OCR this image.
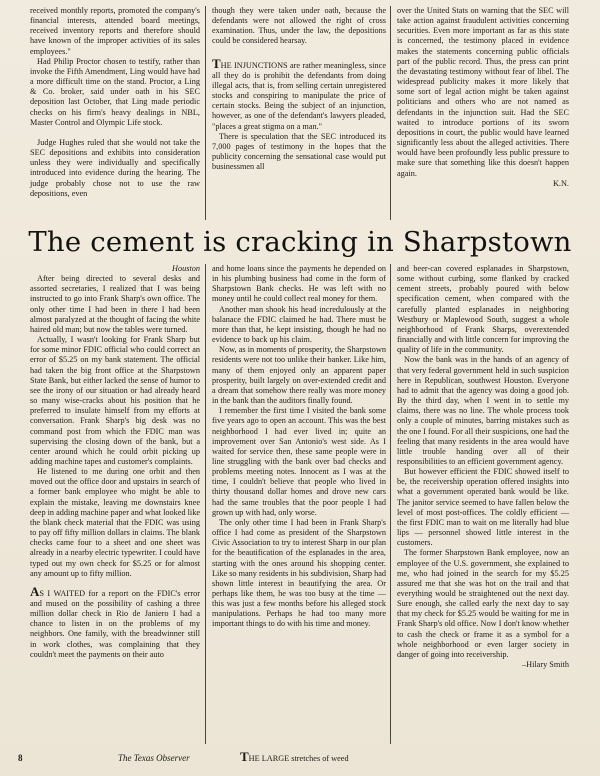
received monthly reports, promoted the company's financial interests, attended board meetings, received inventory reports and therefore should have known of the improper activities of its sales employees."

Had Philip Proctor chosen to testify, rather than invoke the Fifth Amendment, Ling would have had a more difficult time on the stand. Proctor, a Ling & Co. broker, said under oath in his SEC deposition last October, that Ling made periodic checks on his firm's heavy dealings in NBL, Master Control and Olympic Life stock.

Judge Hughes ruled that she would not take the SEC depositions and exhibits into consideration unless they were individually and specifically introduced into evidence during the hearing. The judge probably chose not to use the raw depositions, even

though they were taken under oath, because the defendants were not allowed the right of cross examination. Thus, under the law, the depositions could be considered hearsay.

THE INJUNCTIONS are rather meaningless, since all they do is prohibit the defendants from doing illegal acts, that is, from selling certain unregistered stocks and conspiring to manipulate the price of certain stocks. Being the subject of an injunction, however, as one of the defendant's lawyers pleaded, "places a great stigma on a man."

There is speculation that the SEC introduced its 7,000 pages of testimony in the hopes that the publicity concerning the sensational case would put businessmen all

over the United Stats on warning that the SEC will take action against fraudulent activities concerning securities. Even more important as far as this state is concerned, the testimony placed in evidence makes the statements concerning public officials part of the public record. Thus, the press can print the devastating testimony without fear of libel. The widespread publicity makes it more likely that some sort of legal action might be taken against politicians and others who are not named as defendants in the injunction suit. Had the SEC waited to introduce portions of its sworn depositions in court, the public would have learned significantly less about the alleged activities. There would have been profoundly less public pressure to make sure that something like this doesn't happen again.

K.N.
The cement is cracking in Sharpstown
Houston

After being directed to several desks and assorted secretaries, I realized that I was being instructed to go into Frank Sharp's own office. The only other time I had been in there I had been almost paralyzed at the thought of facing the white haired old man; but now the tables were turned.

Actually, I wasn't looking for Frank Sharp but for some minor FDIC official who could correct an error of $5.25 on my bank statement. The official had taken the big front office at the Sharpstown State Bank, but either lacked the sense of humor to see the irony of our situation or had already heard so many wise-cracks about his position that he preferred to insulate himself from my efforts at conversation. Frank Sharp's big desk was no command post from which the FDIC man was supervising the closing down of the bank, but a center around which he could orbit picking up adding machine tapes and customer's complaints.

He listened to me during one orbit and then moved out the office door and upstairs in search of a former bank employee who might be able to explain the mistake, leaving me downstairs knee deep in adding machine paper and what looked like the blank check material that the FDIC was using to pay off fifty million dollars in claims. The blank checks came four to a sheet and one sheet was already in a nearby electric typewriter. I could have typed out my own check for $5.25 or for almost any amount up to fifty million.

AS I WAITED for a report on the FDIC's error and mused on the possibility of cashing a three million dollar check in Rio de Janiero I had a chance to listen in on the problems of my neighbors. One family, with the breadwinner still in work clothes, was complaining that they couldn't meet the payments on their auto

and home loans since the payments he depended on in his plumbing business had come in the form of Sharpstown Bank checks. He was left with no money until he could collect real money for them.

Another man shook his head incredulously at the balanace the FDIC claimed he had. There must be more than that, he kept insisting, though he had no evidence to back up his claim.

Now, as in moments of prosperity, the Sharpstown residents were not too unlike their banker. Like him, many of them enjoyed only an apparent paper prosperity, built largely on over-extended credit and a dream that somehow there really was more money in the bank than the auditors finally found.

I remember the first time I visited the bank some five years ago to open an account. This was the best neighborhood I had ever lived in; quite an improvement over San Antonio's west side. As I waited for service then, these same people were in line struggling with the bank over bad checks and problems meeting notes. Innocent as I was at the time, I couldn't believe that people who lived in thirty thousand dollar homes and drove new cars had the same troubles that the poor people I had grown up with had, only worse.

The only other time I had been in Frank Sharp's office I had come as president of the Sharpstown Civic Association to try to interest Sharp in our plan for the beautification of the esplanades in the area, starting with the ones around his shopping center. Like so many residents in his subdivision, Sharp had shown little interest in beautifying the area. Or perhaps like them, he was too busy at the time — this was just a few months before his alleged stock manipulations. Perhaps he had too many more important things to do with his time and money.

THE LARGE stretches of weed

and beer-can covered esplanades in Sharpstown, some without curbing, some flanked by cracked cement streets, probably poured with below specification cement, when compared with the carefully planted esplanades in neighboring Westbury or Maplewood South, suggest a whole neighborhood of Frank Sharps, overextended financially and with little concern for improving the quality of life in the community.

Now the bank was in the hands of an agency of that very federal government held in such suspicion here in Republican, southwest Houston. Everyone had to admit that the agency was doing a good job. By the third day, when I went in to settle my claims, there was no line. The whole process took only a couple of minutes, barring mistakes such as the one I found. For all their suspicions, one had the feeling that many residents in the area would have little trouble handing over all of their responsibilities to an efficient government agency.

But however efficient the FDIC showed itself to be, the receivership operation offered insights into what a government operated bank would be like. The janitor service seemed to have fallen below the level of most post-offices. The coldly efficient — the first FDIC man to wait on me literally had blue lips — personnel showed little interest in the customers.

The former Sharpstown Bank employee, now an employee of the U.S. government, she explained to me, who had joined in the search for my $5.25 assured me that she was hot on the trail and that everything would be straightened out the next day. Sure enough, she called early the next day to say that my check for $5.25 would be waiting for me in Frank Sharp's old office. Now I don't know whether to cash the check or frame it as a symbol for a whole neighborhood or even larger society in danger of going into receivership.

–Hilary Smith
8	The Texas Observer
